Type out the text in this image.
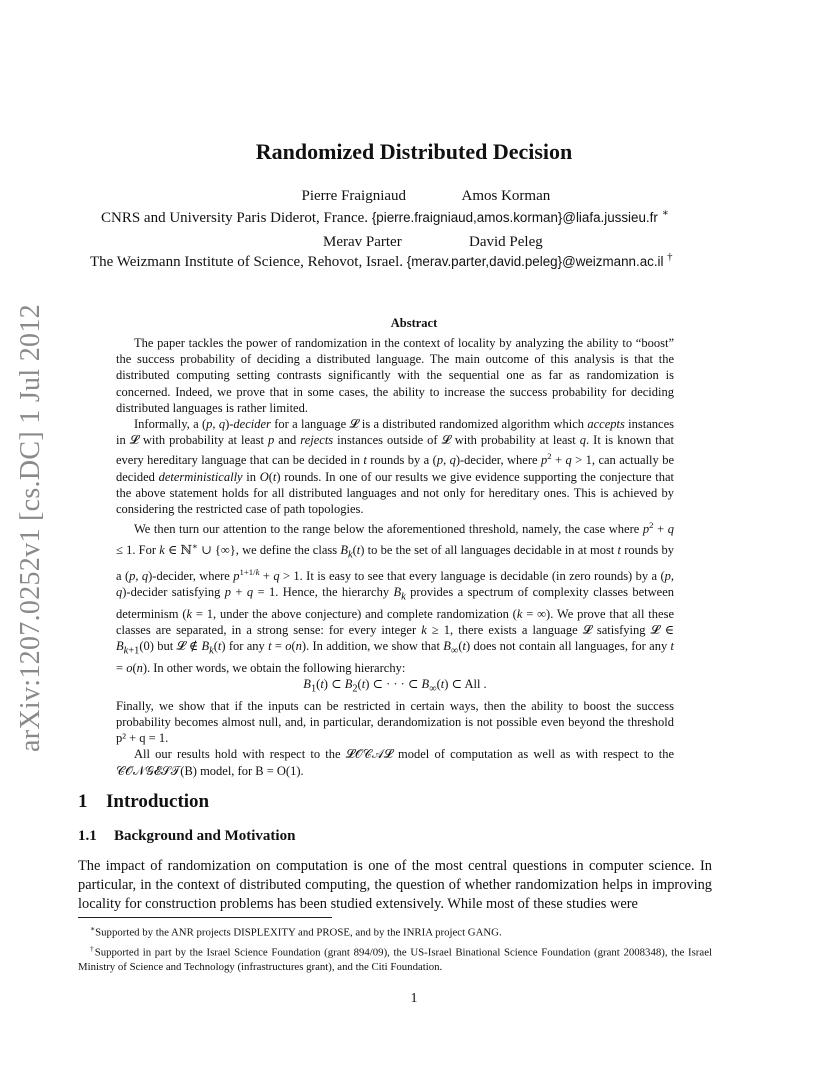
arXiv:1207.0252v1 [cs.DC] 1 Jul 2012
Randomized Distributed Decision
Pierre Fraigniaud	Amos Korman
CNRS and University Paris Diderot, France. {pierre.fraigniaud,amos.korman}@liafa.jussieu.fr ∗
Merav Parter	David Peleg
The Weizmann Institute of Science, Rehovot, Israel. {merav.parter,david.peleg}@weizmann.ac.il †
Abstract

The paper tackles the power of randomization in the context of locality by analyzing the ability to “boost” the success probability of deciding a distributed language. The main outcome of this analysis is that the distributed computing setting contrasts significantly with the sequential one as far as randomization is concerned. Indeed, we prove that in some cases, the ability to increase the success probability for deciding distributed languages is rather limited.

Informally, a (p, q)-decider for a language 𝓛 is a distributed randomized algorithm which accepts instances in 𝓛 with probability at least p and rejects instances outside of 𝓛 with probability at least q. It is known that every hereditary language that can be decided in t rounds by a (p, q)-decider, where $p^2 + q > 1$, can actually be decided deterministically in O(t) rounds. In one of our results we give evidence supporting the conjecture that the above statement holds for all distributed languages and not only for hereditary ones. This is achieved by considering the restricted case of path topologies.

We then turn our attention to the range below the aforementioned threshold, namely, the case where $p^2 + q \le 1$. For k ∈ ℕ∗ ∪ {∞}, we define the class $B_k(t)$ to be the set of all languages decidable in at most t rounds by a (p, q)-decider, where $p^{1+1/k} + q > 1$. It is easy to see that every language is decidable (in zero rounds) by a (p, q)-decider satisfying p + q = 1. Hence, the hierarchy $B_k$ provides a spectrum of complexity classes between determinism (k = 1, under the above conjecture) and complete randomization (k = ∞). We prove that all these classes are separated, in a strong sense: for every integer k ≥ 1, there exists a language 𝓛 satisfying 𝓛 ∈ $B_{k+1}(0)$ but 𝓛 ∉ $B_k(t)$ for any t = o(n). In addition, we show that $B_\infty(t)$ does not contain all languages, for any t = o(n). In other words, we obtain the following hierarchy:

$B_1(t)$ ⊂ $B_2(t)$ ⊂ · · · ⊂ $B_\infty(t)$ ⊂ All .

Finally, we show that if the inputs can be restricted in certain ways, then the ability to boost the success probability becomes almost null, and, in particular, derandomization is not possible even beyond the threshold p² + q = 1.

All our results hold with respect to the 𝓛𝒪𝒞𝒜𝓛 model of computation as well as with respect to the 𝒞𝒪𝒩𝒢𝓔𝒮𝒯(B) model, for B = O(1).

1 Introduction
1.1 Background and Motivation
The impact of randomization on computation is one of the most central questions in computer science. In particular, in the context of distributed computing, the question of whether randomization helps in improving locality for construction problems has been studied extensively. While most of these studies were

∗Supported by the ANR projects DISPLEXITY and PROSE, and by the INRIA project GANG.

†Supported in part by the Israel Science Foundation (grant 894/09), the US-Israel Binational Science Foundation (grant 2008348), the Israel Ministry of Science and Technology (infrastructures grant), and the Citi Foundation.

1
